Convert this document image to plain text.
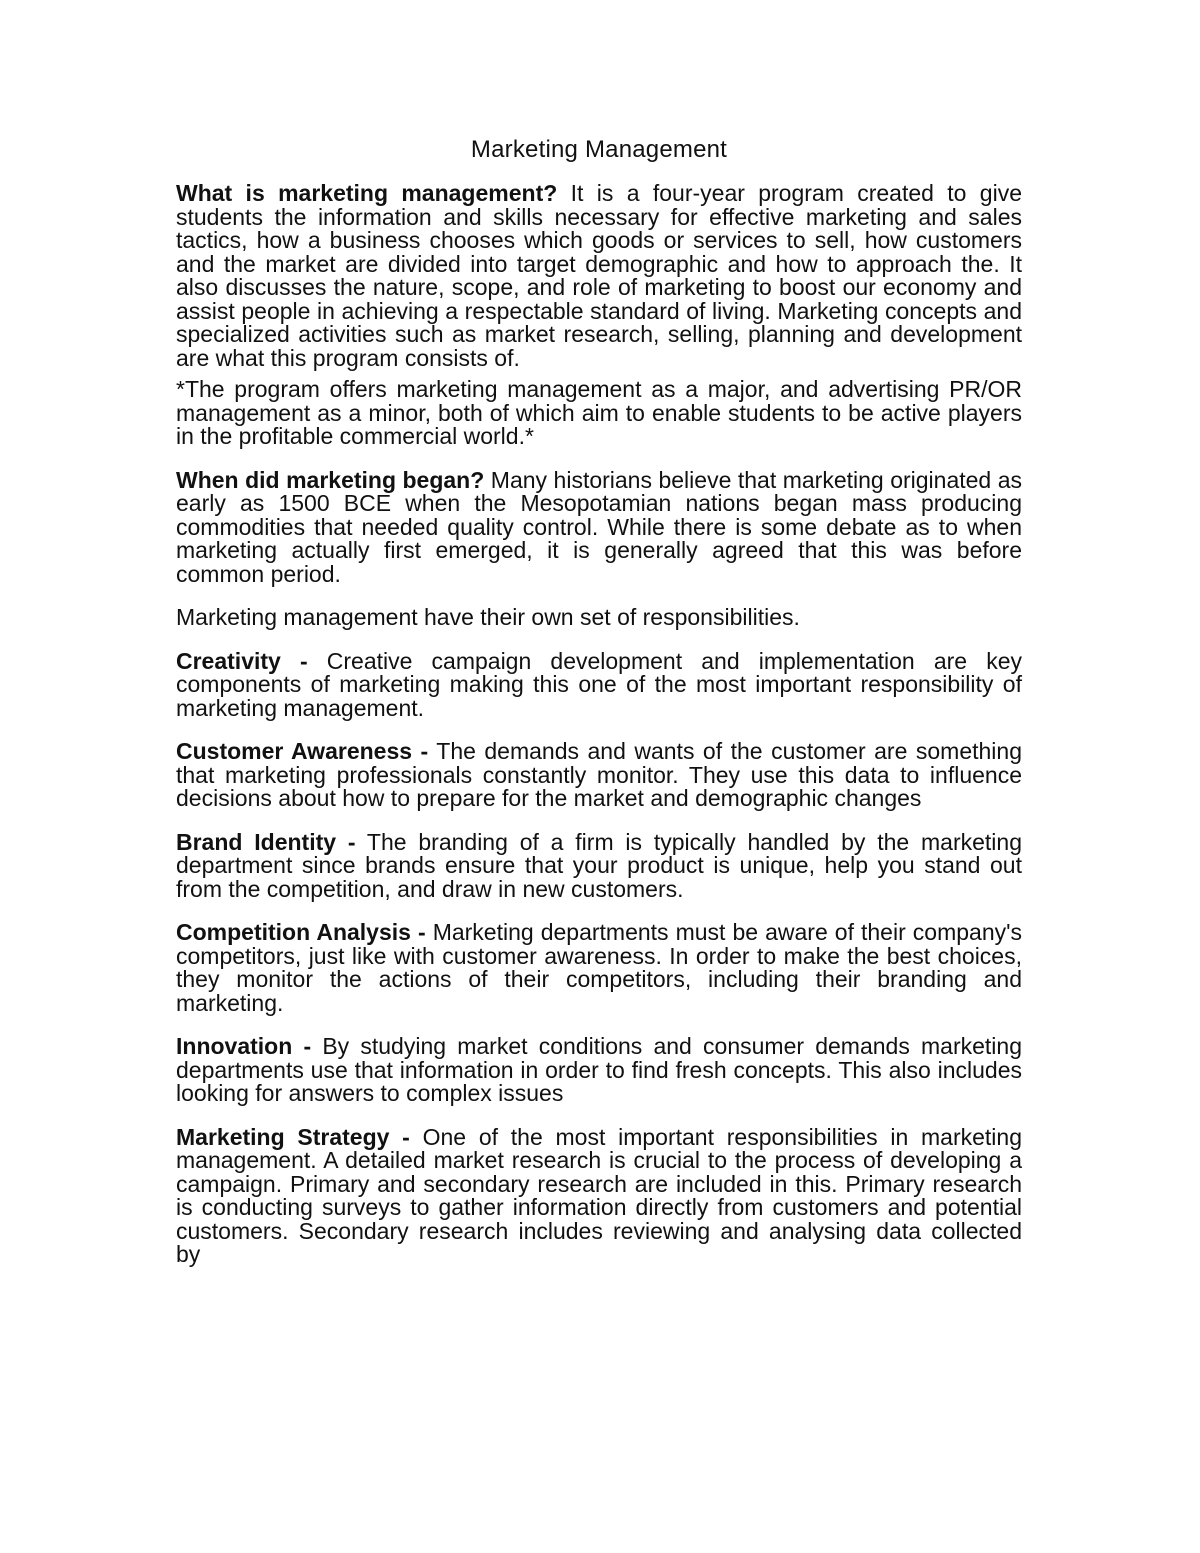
Marketing Management

What is marketing management? It is a four-year program created to give students the information and skills necessary for effective marketing and sales tactics, how a business chooses which goods or services to sell, how customers and the market are divided into target demographic and how to approach the. It also discusses the nature, scope, and role of marketing to boost our economy and assist people in achieving a respectable standard of living. Marketing concepts and specialized activities such as market research, selling, planning and development are what this program consists of.

*The program offers marketing management as a major, and advertising PR/OR management as a minor, both of which aim to enable students to be active players in the profitable commercial world.*

When did marketing began? Many historians believe that marketing originated as early as 1500 BCE when the Mesopotamian nations began mass producing commodities that needed quality control. While there is some debate as to when marketing actually first emerged, it is generally agreed that this was before common period.

Marketing management have their own set of responsibilities.

Creativity - Creative campaign development and implementation are key components of marketing making this one of the most important responsibility of marketing management.

Customer Awareness - The demands and wants of the customer are something that marketing professionals constantly monitor. They use this data to influence decisions about how to prepare for the market and demographic changes

Brand Identity - The branding of a firm is typically handled by the marketing department since brands ensure that your product is unique, help you stand out from the competition, and draw in new customers.

Competition Analysis - Marketing departments must be aware of their company's competitors, just like with customer awareness. In order to make the best choices, they monitor the actions of their competitors, including their branding and marketing.

Innovation - By studying market conditions and consumer demands marketing departments use that information in order to find fresh concepts. This also includes looking for answers to complex issues

Marketing Strategy - One of the most important responsibilities in marketing management. A detailed market research is crucial to the process of developing a campaign. Primary and secondary research are included in this. Primary research is conducting surveys to gather information directly from customers and potential customers. Secondary research includes reviewing and analysing data collected by
